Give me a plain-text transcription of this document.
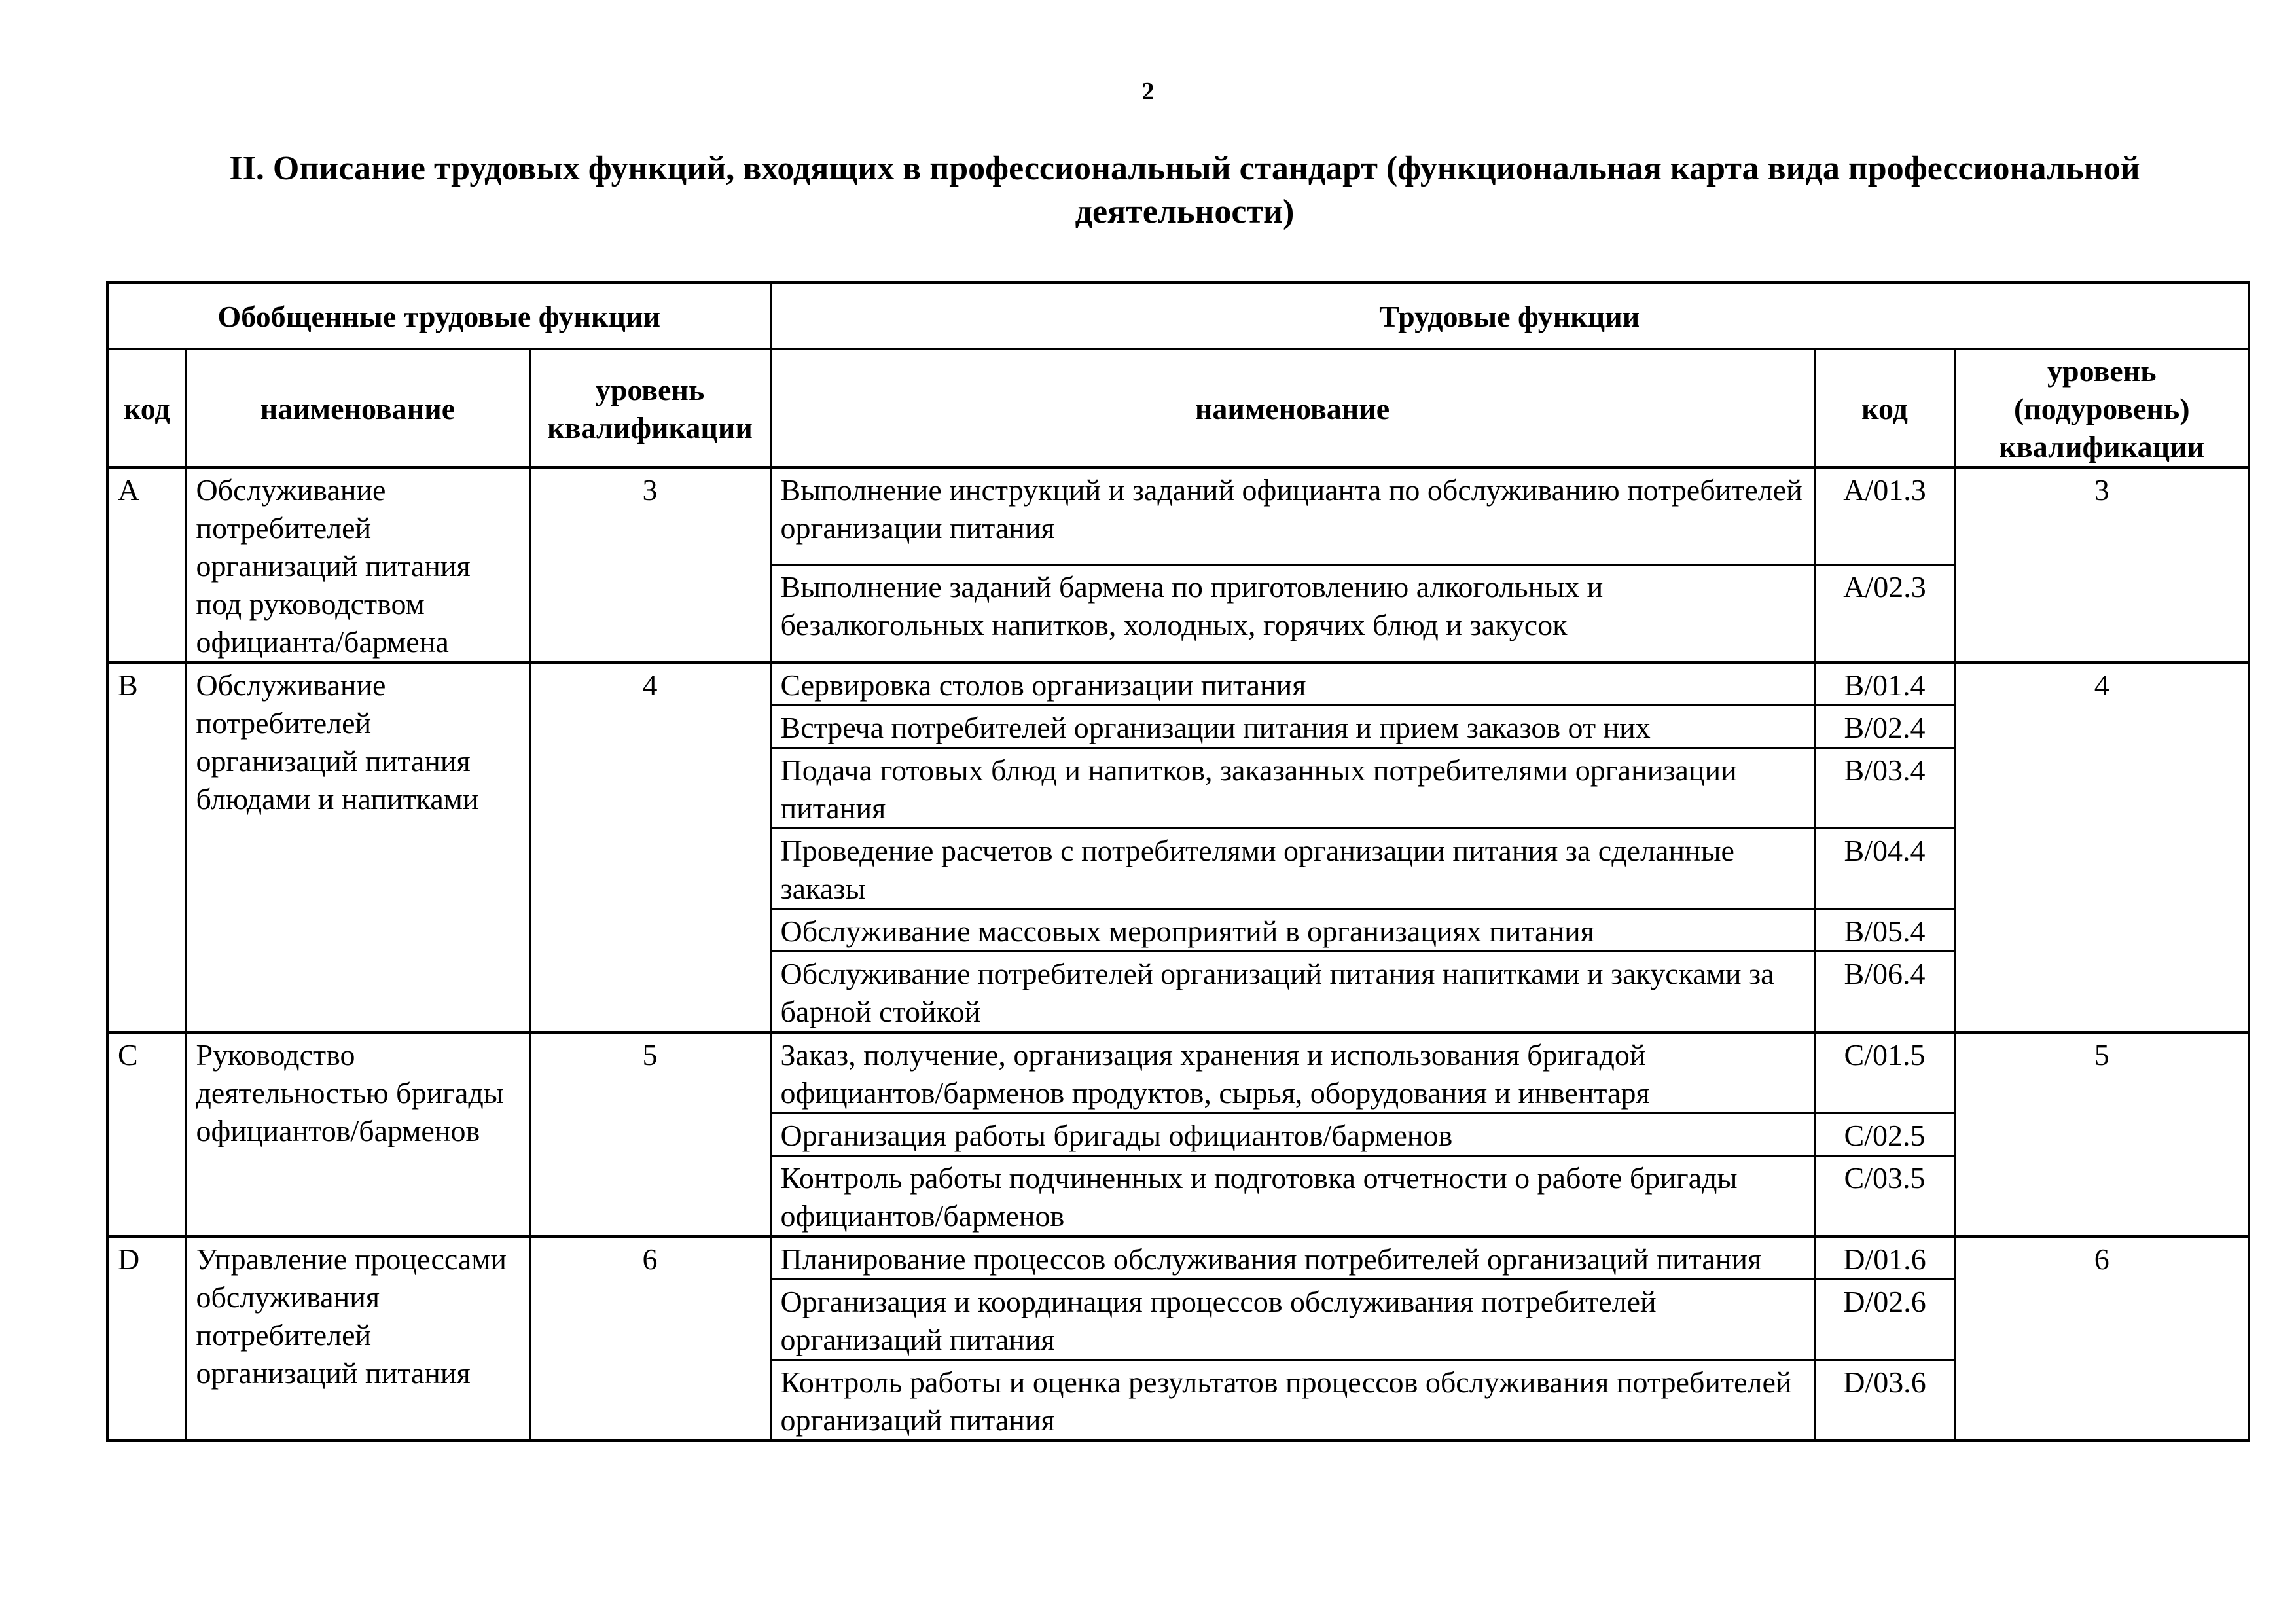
2
II. Описание трудовых функций, входящих в профессиональный стандарт (функциональная карта вида профессиональной деятельности)
Обобщенные трудовые функции			Трудовые функции		
код	наименование	уровень квалификации	наименование	код	уровень (подуровень) квалификации
A	Обслуживание потребителей организаций питания под руководством официанта/бармена	3	Выполнение инструкций и заданий официанта по обслуживанию потребителей организации питания	A/01.3	3
			Выполнение заданий бармена по приготовлению алкогольных и безалкогольных напитков, холодных, горячих блюд и закусок	A/02.3	
B	Обслуживание потребителей организаций питания блюдами и напитками	4	Сервировка столов организации питания	B/01.4	4
			Встреча потребителей организации питания и прием заказов от них	B/02.4	
			Подача готовых блюд и напитков, заказанных потребителями организации питания	B/03.4	
			Проведение расчетов с потребителями организации питания за сделанные заказы	B/04.4	
			Обслуживание массовых мероприятий в организациях питания	B/05.4	
			Обслуживание потребителей организаций питания напитками и закусками за барной стойкой	B/06.4	
C	Руководство деятельностью бригады официантов/барменов	5	Заказ, получение, организация хранения и использования бригадой официантов/барменов продуктов, сырья, оборудования и инвентаря	C/01.5	5
			Организация работы бригады официантов/барменов	C/02.5	
			Контроль работы подчиненных и подготовка отчетности о работе бригады официантов/барменов	C/03.5	
D	Управление процессами обслуживания потребителей организаций питания	6	Планирование процессов обслуживания потребителей организаций питания	D/01.6	6
			Организация и координация процессов обслуживания потребителей организаций питания	D/02.6	
			Контроль работы и оценка результатов процессов обслуживания потребителей организаций питания	D/03.6	
